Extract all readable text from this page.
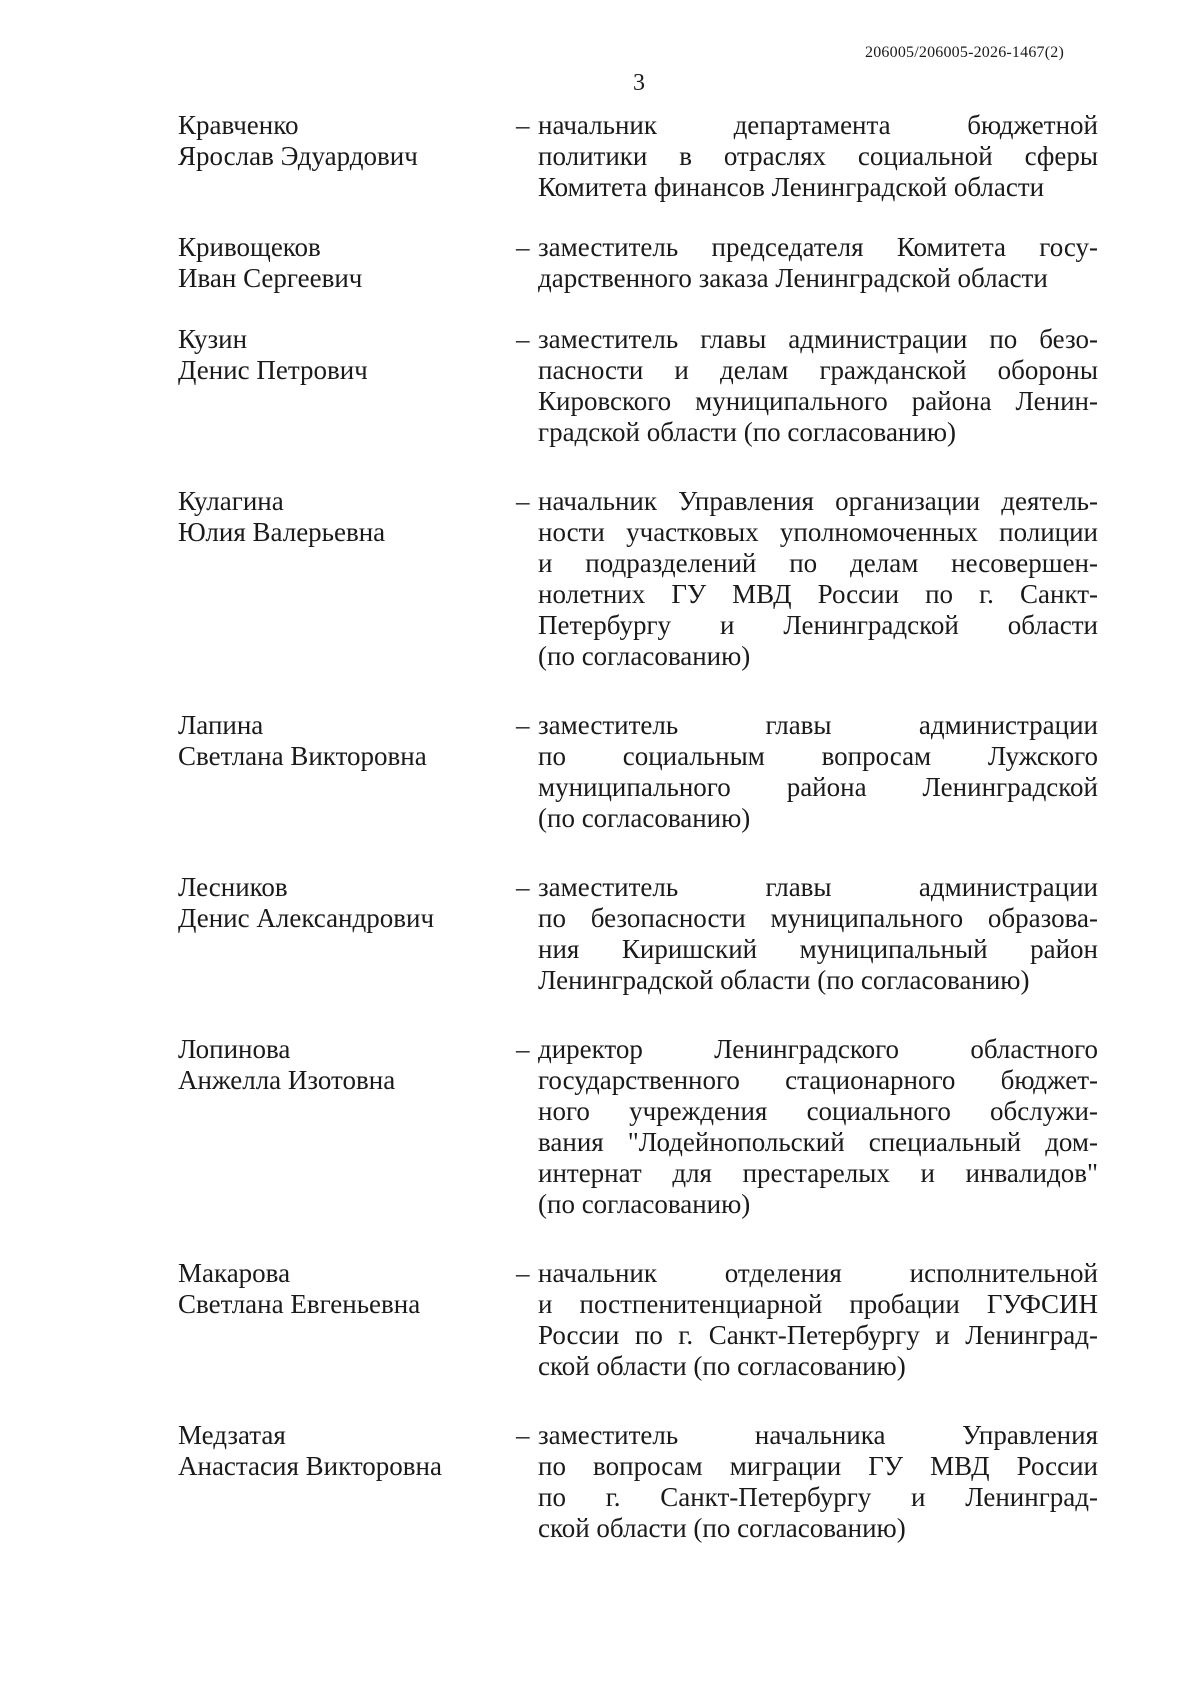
206005/206005-2026-1467(2)
3
Кравченко
Ярослав Эдуардович
– начальник департамента бюджетной
политики в отраслях социальной сферы
Комитета финансов Ленинградской области
Кривощеков
Иван Сергеевич
– заместитель председателя Комитета госу-
дарственного заказа Ленинградской области
Кузин
Денис Петрович
– заместитель главы администрации по безо-
пасности и делам гражданской обороны
Кировского муниципального района Ленин-
градской области (по согласованию)
Кулагина
Юлия Валерьевна
– начальник Управления организации деятель-
ности участковых уполномоченных полиции
и подразделений по делам несовершен-
нолетних ГУ МВД России по г. Санкт-
Петербургу и Ленинградской области
(по согласованию)
Лапина
Светлана Викторовна
– заместитель главы администрации
по социальным вопросам Лужского
муниципального района Ленинградской
(по согласованию)
Лесников
Денис Александрович
– заместитель главы администрации
по безопасности муниципального образова-
ния Киришский муниципальный район
Ленинградской области (по согласованию)
Лопинова
Анжелла Изотовна
– директор Ленинградского областного
государственного стационарного бюджет-
ного учреждения социального обслужи-
вания "Лодейнопольский специальный дом-
интернат для престарелых и инвалидов"
(по согласованию)
Макарова
Светлана Евгеньевна
– начальник отделения исполнительной
и постпенитенциарной пробации ГУФСИН
России по г. Санкт-Петербургу и Ленинград-
ской области (по согласованию)
Медзатая
Анастасия Викторовна
– заместитель начальника Управления
по вопросам миграции ГУ МВД России
по г. Санкт-Петербургу и Ленинград-
ской области (по согласованию)
